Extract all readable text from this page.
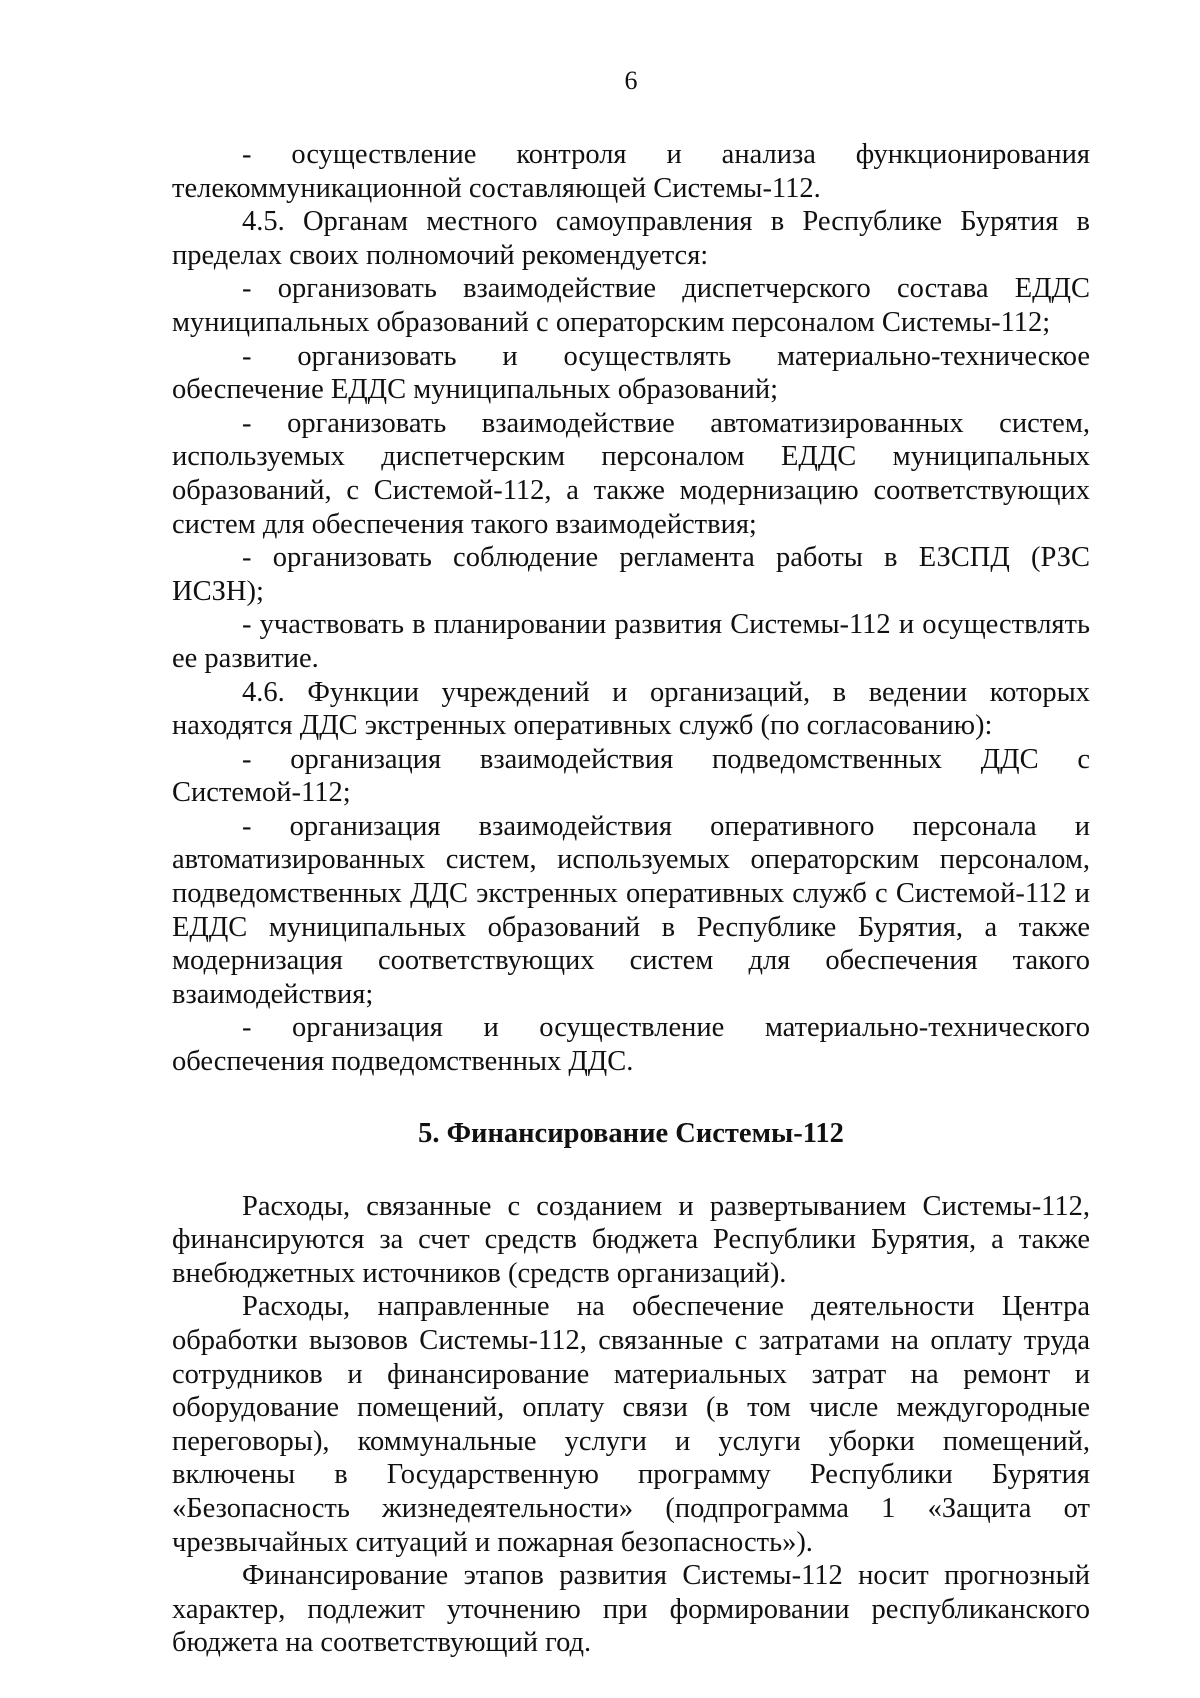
6

- осуществление контроля и анализа функционирования телекоммуникационной составляющей Системы-112.

4.5. Органам местного самоуправления в Республике Бурятия в пределах своих полномочий рекомендуется:

- организовать взаимодействие диспетчерского состава ЕДДС муниципальных образований с операторским персоналом Системы-112;

- организовать и осуществлять материально-техническое обеспечение ЕДДС муниципальных образований;

- организовать взаимодействие автоматизированных систем, используемых диспетчерским персоналом ЕДДС муниципальных образований, с Системой-112, а также модернизацию соответствующих систем для обеспечения такого взаимодействия;

- организовать соблюдение регламента работы в ЕЗСПД (РЗС ИСЗН);

- участвовать в планировании развития Системы-112 и осуществлять ее развитие.

4.6. Функции учреждений и организаций, в ведении которых находятся ДДС экстренных оперативных служб (по согласованию):

- организация взаимодействия подведомственных ДДС с Системой-112;

- организация взаимодействия оперативного персонала и автоматизированных систем, используемых операторским персоналом, подведомственных ДДС экстренных оперативных служб с Системой-112 и ЕДДС муниципальных образований в Республике Бурятия, а также модернизация соответствующих систем для обеспечения такого взаимодействия;

- организация и осуществление материально-технического обеспечения подведомственных ДДС.

5. Финансирование Системы-112

Расходы, связанные с созданием и развертыванием Системы-112, финансируются за счет средств бюджета Республики Бурятия, а также внебюджетных источников (средств организаций).

Расходы, направленные на обеспечение деятельности Центра обработки вызовов Системы-112, связанные с затратами на оплату труда сотрудников и финансирование материальных затрат на ремонт и оборудование помещений, оплату связи (в том числе междугородные переговоры), коммунальные услуги и услуги уборки помещений, включены в Государственную программу Республики Бурятия «Безопасность жизнедеятельности» (подпрограмма 1 «Защита от чрезвычайных ситуаций и пожарная безопасность»).

Финансирование этапов развития Системы-112 носит прогнозный характер, подлежит уточнению при формировании республиканского бюджета на соответствующий год.
